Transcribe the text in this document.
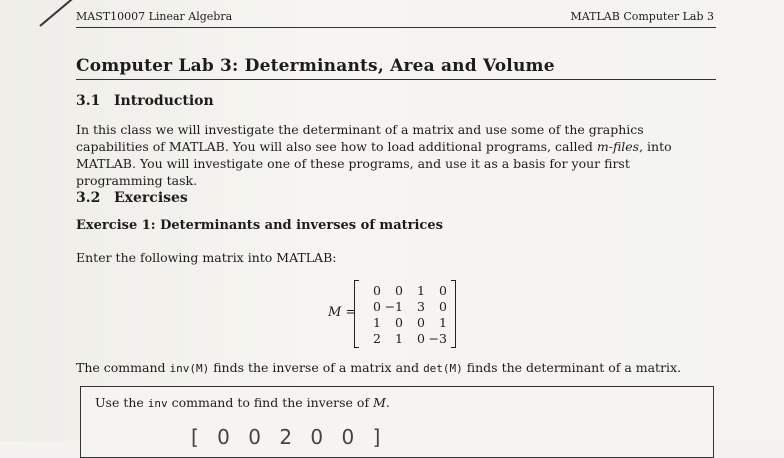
MAST10007 Linear Algebra	MATLAB Computer Lab 3
Computer Lab 3: Determinants, Area and Volume
3.1 Introduction
In this class we will investigate the determinant of a matrix and use some of the graphics capabilities of MATLAB. You will also see how to load additional programs, called m-files, into MATLAB. You will investigate one of these programs, and use it as a basis for your first programming task.
3.2 Exercises
Exercise 1: Determinants and inverses of matrices
Enter the following matrix into MATLAB:
M =
0	0	1	0
0	−1	3	0
1	0	0	1
2	1	0	−3
The command inv(M) finds the inverse of a matrix and det(M) finds the determinant of a matrix.
Use the inv command to find the inverse of M.
[ 0 0 2 0 0 ]
